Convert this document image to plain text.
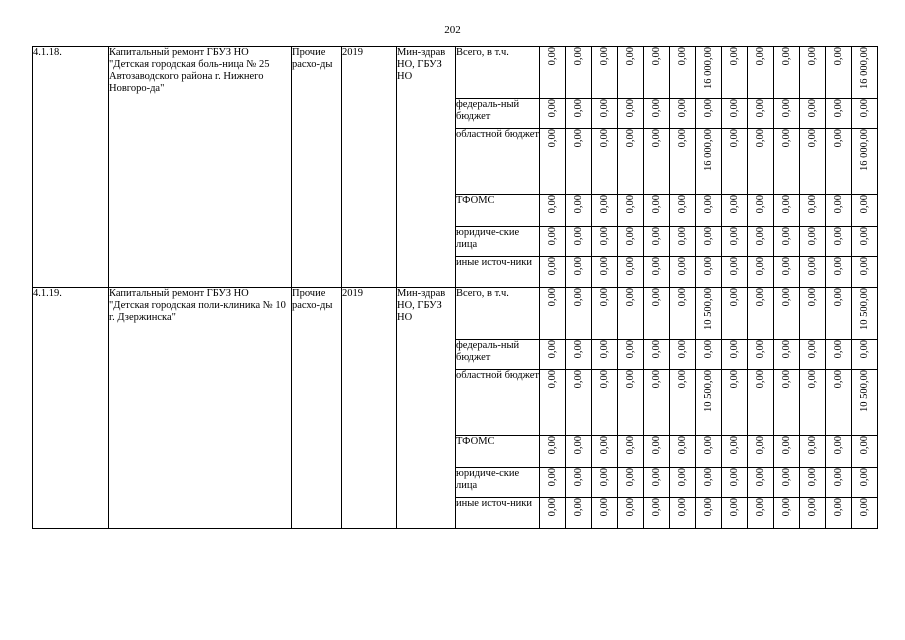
202
4.1.18.	Капитальный ремонт ГБУЗ НО "Детская городская боль-ница № 25 Автозаводского района г. Нижнего Новгоро-да"	Прочие расхо-ды	2019	Мин-здрав НО, ГБУЗ НО	Всего, в т.ч.	0,00	0,00	0,00	0,00	0,00	0,00	16 000,00	0,00	0,00	0,00	0,00	0,00	16 000,00
					федераль-ный бюджет	0,00	0,00	0,00	0,00	0,00	0,00	0,00	0,00	0,00	0,00	0,00	0,00	0,00
					областной бюджет	0,00	0,00	0,00	0,00	0,00	0,00	16 000,00	0,00	0,00	0,00	0,00	0,00	16 000,00
					ТФОМС	0,00	0,00	0,00	0,00	0,00	0,00	0,00	0,00	0,00	0,00	0,00	0,00	0,00
					юридиче-ские лица	0,00	0,00	0,00	0,00	0,00	0,00	0,00	0,00	0,00	0,00	0,00	0,00	0,00
					иные источ-ники	0,00	0,00	0,00	0,00	0,00	0,00	0,00	0,00	0,00	0,00	0,00	0,00	0,00
4.1.19.	Капитальный ремонт ГБУЗ НО "Детская городская поли-клиника № 10 г. Дзержинска"	Прочие расхо-ды	2019	Мин-здрав НО, ГБУЗ НО	Всего, в т.ч.	0,00	0,00	0,00	0,00	0,00	0,00	10 500,00	0,00	0,00	0,00	0,00	0,00	10 500,00
					федераль-ный бюджет	0,00	0,00	0,00	0,00	0,00	0,00	0,00	0,00	0,00	0,00	0,00	0,00	0,00
					областной бюджет	0,00	0,00	0,00	0,00	0,00	0,00	10 500,00	0,00	0,00	0,00	0,00	0,00	10 500,00
					ТФОМС	0,00	0,00	0,00	0,00	0,00	0,00	0,00	0,00	0,00	0,00	0,00	0,00	0,00
					юридиче-ские лица	0,00	0,00	0,00	0,00	0,00	0,00	0,00	0,00	0,00	0,00	0,00	0,00	0,00
					иные источ-ники	0,00	0,00	0,00	0,00	0,00	0,00	0,00	0,00	0,00	0,00	0,00	0,00	0,00
